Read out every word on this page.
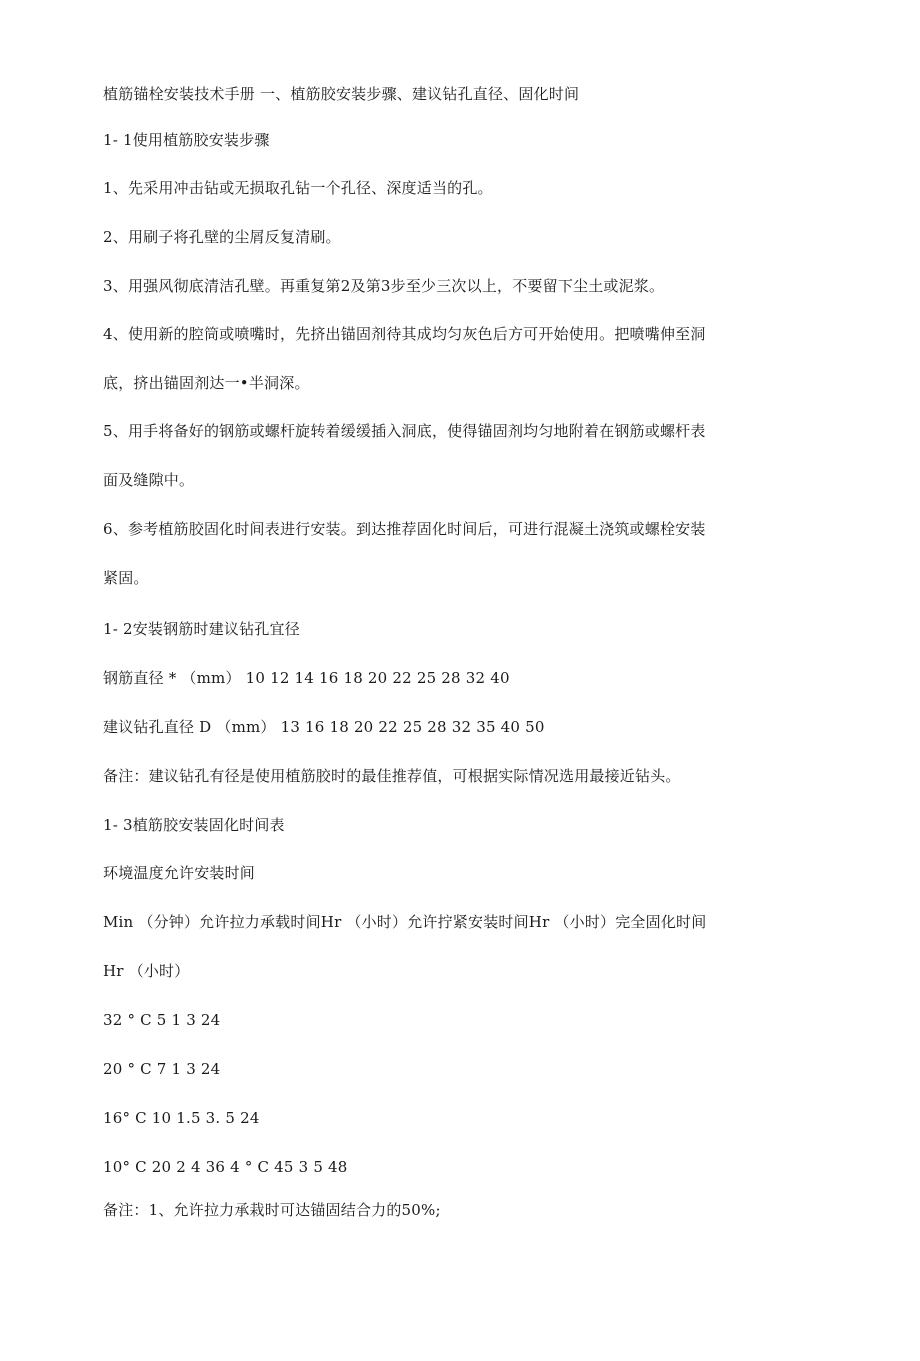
植筋锚栓安装技术手册 一、植筋胶安装步骤、建议钻孔直径、固化时间
1- 1使用植筋胶安装步骤
1、先采用冲击钻或无损取孔钻一个孔径、深度适当的孔。
2、用刷子将孔壁的尘屑反复清刷。
3、用强风彻底清洁孔壁。再重复第2及第3步至少三次以上，不要留下尘土或泥浆。
4、使用新的腔筒或喷嘴时，先挤出锚固剂待其成均匀灰色后方可开始使用。把喷嘴伸至洞
底，挤出锚固剂达一•半洞深。
5、用手将备好的钢筋或螺杆旋转着缓缓插入洞底，使得锚固剂均匀地附着在钢筋或螺杆表
面及缝隙中。
6、参考植筋胶固化时间表进行安装。到达推荐固化时间后，可进行混凝土浇筑或螺栓安装
紧固。
1- 2安装钢筋时建议钻孔宜径
钢筋直径 * （mm） 10 12 14 16 18 20 22 25 28 32 40
建议钻孔直径 D （mm） 13 16 18 20 22 25 28 32 35 40 50
备注：建议钻孔有径是使用植筋胶时的最佳推荐值，可根据实际情况选用最接近钻头。
1- 3植筋胶安装固化时间表
环境温度允许安装时间
Min （分钟）允许拉力承载时间Hr （小时）允许拧紧安装时间Hr （小时）完全固化时间
Hr （小时）
32 ° C 5 1 3 24
20 ° C 7 1 3 24
16° C 10 1.5 3. 5 24
10° C 20 2 4 36 4 ° C 45 3 5 48
备注：1、允许拉力承栽时可达锚固结合力的50%;
